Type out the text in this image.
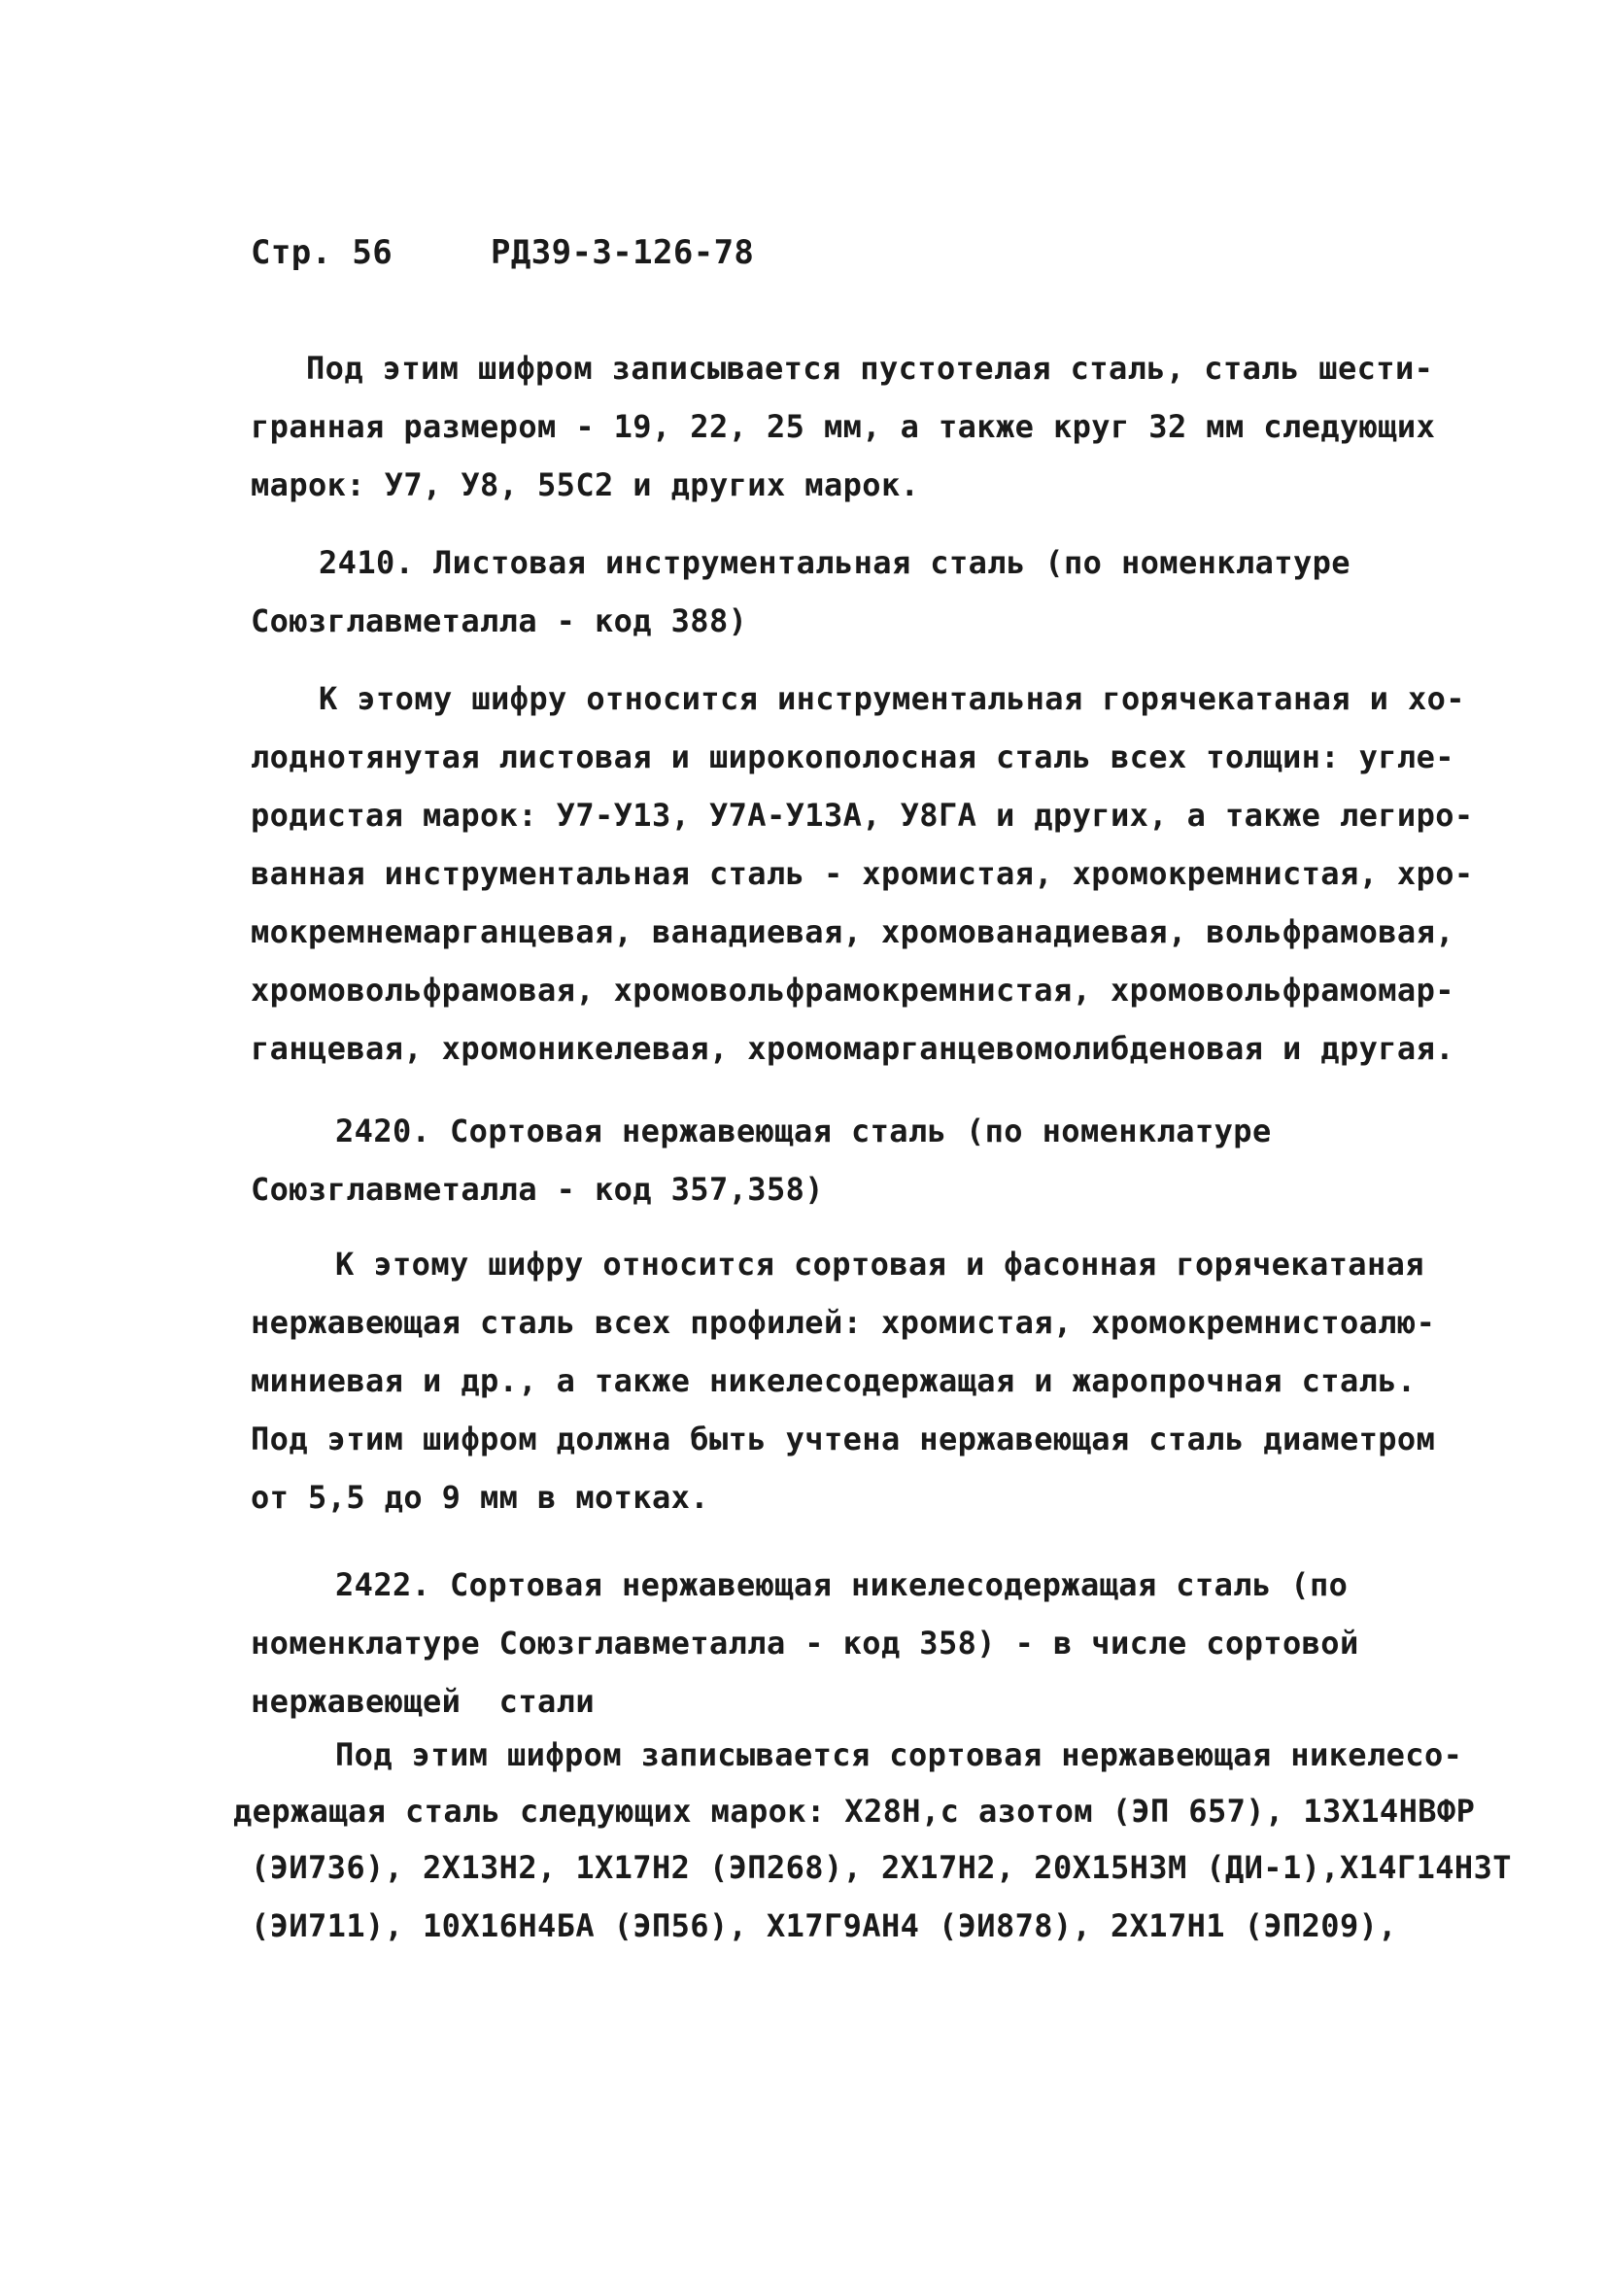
Стр. 56	РД39-3-126-78
Под этим шифром записывается пустотелая сталь, сталь шести-
гранная размером - 19, 22, 25 мм, а также круг 32 мм следующих
марок: У7, У8, 55С2 и других марок.
2410. Листовая инструментальная сталь (по номенклатуре
Союзглавметалла - код 388)
К этому шифру относится инструментальная горячекатаная и хо-
лоднотянутая листовая и широкополосная сталь всех толщин: угле-
родистая марок: У7-У13, У7А-У13А, У8ГА и других, а также легиро-
ванная инструментальная сталь - хромистая, хромокремнистая, хро-
мокремнемарганцевая, ванадиевая, хромованадиевая, вольфрамовая,
хромовольфрамовая, хромовольфрамокремнистая, хромовольфрамомар-
ганцевая, хромоникелевая, хромомарганцевомолибденовая и другая.
2420. Сортовая нержавеющая сталь (по номенклатуре
Союзглавметалла - код 357,358)
К этому шифру относится сортовая и фасонная горячекатаная
нержавеющая сталь всех профилей: хромистая, хромокремнистоалю-
миниевая и др., а также никелесодержащая и жаропрочная сталь.
Под этим шифром должна быть учтена нержавеющая сталь диаметром
от 5,5 до 9 мм в мотках.
2422. Сортовая нержавеющая никелесодержащая сталь (по
номенклатуре Союзглавметалла - код 358) - в числе сортовой
нержавеющей  стали
Под этим шифром записывается сортовая нержавеющая никелесо-
держащая сталь следующих марок: Х28Н,с азотом (ЭП 657), 13Х14НВФР
(ЭИ736), 2Х13Н2, 1Х17Н2 (ЭП268), 2Х17Н2, 20Х15Н3М (ДИ-1),Х14Г14Н3Т
(ЭИ711), 10Х16Н4БА (ЭП56), Х17Г9АН4 (ЭИ878), 2Х17Н1 (ЭП209),
